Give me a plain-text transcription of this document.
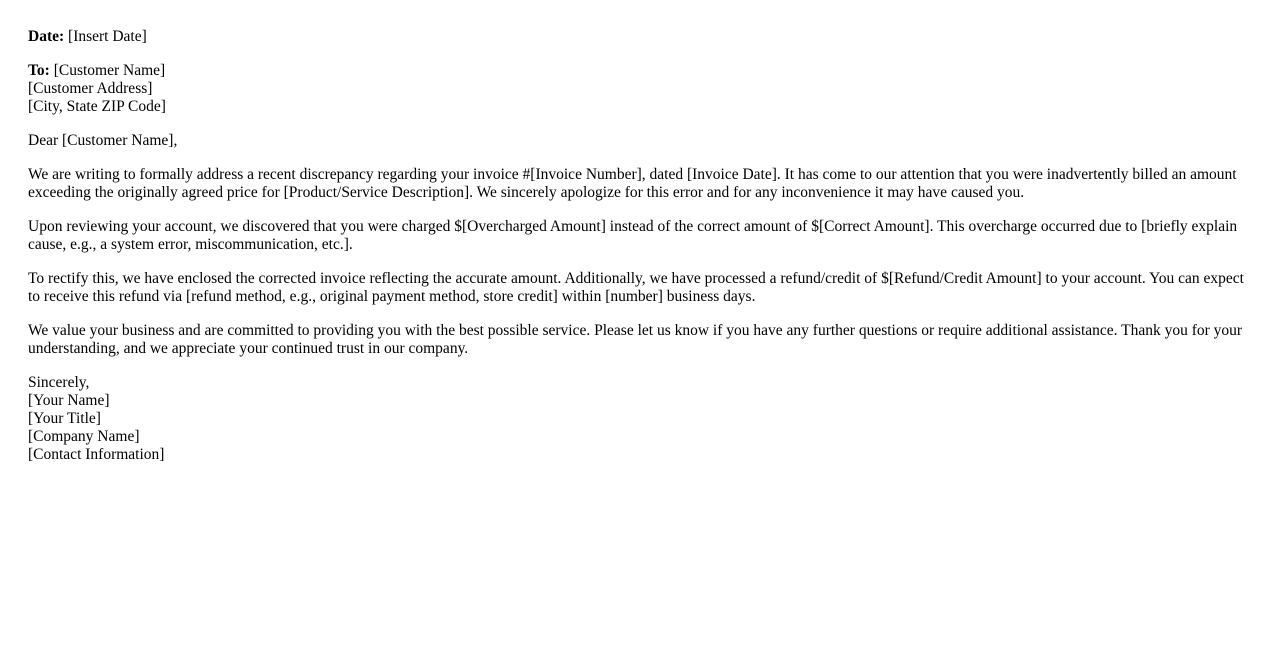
Date: [Insert Date]

To: [Customer Name]
[Customer Address]
[City, State ZIP Code]

Dear [Customer Name],

We are writing to formally address a recent discrepancy regarding your invoice #[Invoice Number], dated [Invoice Date]. It has come to our attention that you were inadvertently billed an amount exceeding the originally agreed price for [Product/Service Description]. We sincerely apologize for this error and for any inconvenience it may have caused you.

Upon reviewing your account, we discovered that you were charged $[Overcharged Amount] instead of the correct amount of $[Correct Amount]. This overcharge occurred due to [briefly explain cause, e.g., a system error, miscommunication, etc.].

To rectify this, we have enclosed the corrected invoice reflecting the accurate amount. Additionally, we have processed a refund/credit of $[Refund/Credit Amount] to your account. You can expect to receive this refund via [refund method, e.g., original payment method, store credit] within [number] business days.

We value your business and are committed to providing you with the best possible service. Please let us know if you have any further questions or require additional assistance. Thank you for your understanding, and we appreciate your continued trust in our company.

Sincerely,
[Your Name]
[Your Title]
[Company Name]
[Contact Information]
